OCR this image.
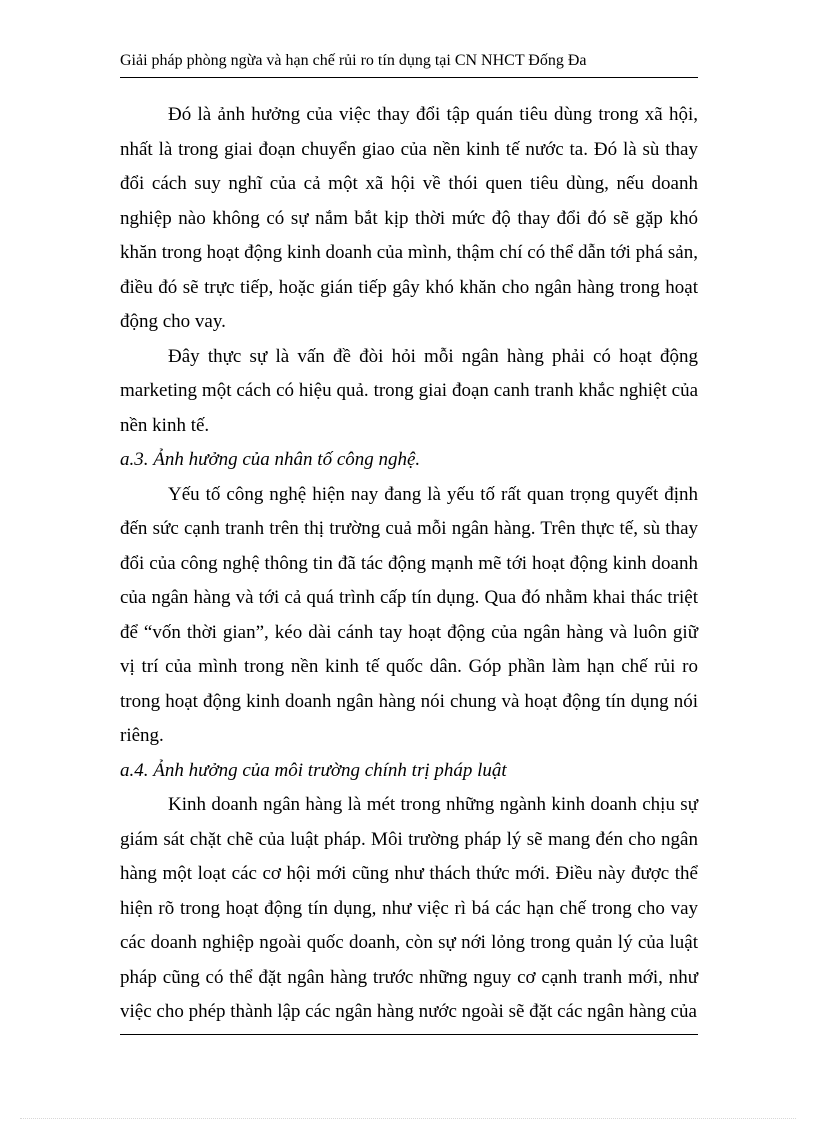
Giải pháp phòng ngừa và hạn chế rủi ro tín dụng tại CN NHCT Đống Đa

Đó là ảnh hưởng của việc thay đổi tập quán tiêu dùng trong xã hội, nhất là trong giai đoạn chuyển giao của nền kinh tế nước ta. Đó là sù thay đổi cách suy nghĩ của cả một xã hội về thói quen tiêu dùng, nếu doanh nghiệp nào không có sự nắm bắt kịp thời mức độ thay đổi đó sẽ gặp khó khăn trong hoạt động kinh doanh của mình, thậm chí có thể dẫn tới phá sản, điều đó sẽ trực tiếp, hoặc gián tiếp gây khó khăn cho ngân hàng trong hoạt động cho vay.

Đây thực sự là vấn đề đòi hỏi mỗi ngân hàng phải có hoạt động marketing một cách có hiệu quả. trong giai đoạn canh tranh khắc nghiệt của nền kinh tế.

a.3. Ảnh hưởng của nhân tố công nghệ.

Yếu tố công nghệ hiện nay đang là yếu tố rất quan trọng quyết định đến sức cạnh tranh trên thị trường cuả mỗi ngân hàng. Trên thực tế, sù thay đổi của công nghệ thông tin đã tác động mạnh mẽ tới hoạt động kinh doanh của ngân hàng và tới cả quá trình cấp tín dụng. Qua đó nhằm khai thác triệt để “vốn thời gian”, kéo dài cánh tay hoạt động của ngân hàng và luôn giữ vị trí của mình trong nền kinh tế quốc dân. Góp phần làm hạn chế rủi ro trong hoạt động kinh doanh ngân hàng nói chung và hoạt động tín dụng nói riêng.

a.4. Ảnh hưởng của môi trường chính trị pháp luật

Kinh doanh ngân hàng là mét trong những ngành kinh doanh chịu sự giám sát chặt chẽ của luật pháp. Môi trường pháp lý sẽ mang đén cho ngân hàng một loạt các cơ hội mới cũng như thách thức mới. Điều này được thể hiện rõ trong hoạt động tín dụng, như việc rì bá các hạn chế trong cho vay các doanh nghiệp ngoài quốc doanh, còn sự nới lỏng trong quản lý của luật pháp cũng có thể đặt ngân hàng trước những nguy cơ cạnh tranh mới, như việc cho phép thành lập các ngân hàng nước ngoài sẽ đặt các ngân hàng của
